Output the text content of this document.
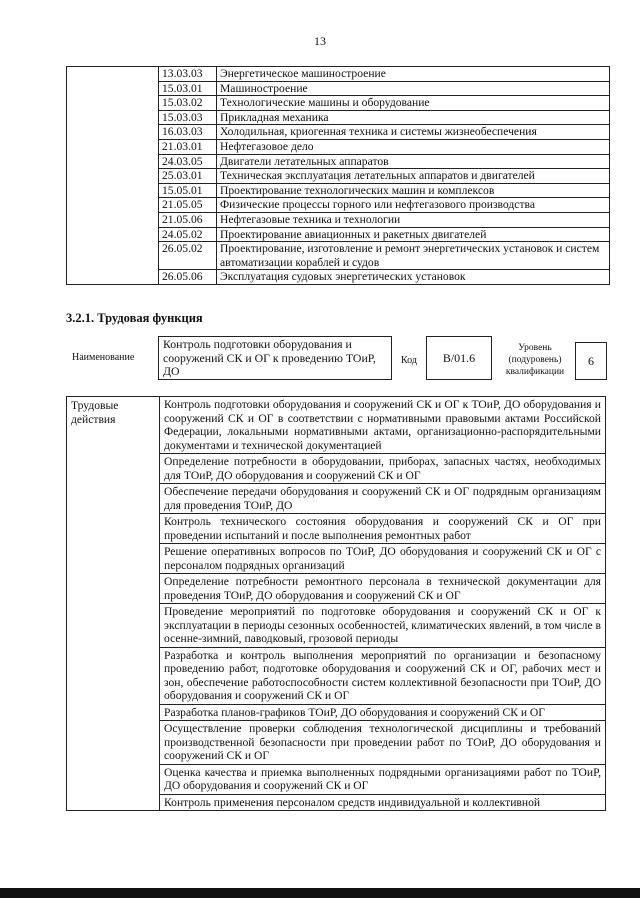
13
	13.03.03	Энергетическое машиностроение
	15.03.01	Машиностроение
	15.03.02	Технологические машины и оборудование
	15.03.03	Прикладная механика
	16.03.03	Холодильная, криогенная техника и системы жизнеобеспечения
	21.03.01	Нефтегазовое дело
	24.03.05	Двигатели летательных аппаратов
	25.03.01	Техническая эксплуатация летательных аппаратов и двигателей
	15.05.01	Проектирование технологических машин и комплексов
	21.05.05	Физические процессы горного или нефтегазового производства
	21.05.06	Нефтегазовые техника и технологии
	24.05.02	Проектирование авиационных и ракетных двигателей
	26.05.02	Проектирование, изготовление и ремонт энергетических установок и систем автоматизации кораблей и судов
	26.05.06	Эксплуатация судовых энергетических установок
3.2.1. Трудовая функция
Наименование
Контроль подготовки оборудования и сооружений СК и ОГ к проведению ТОиР, ДО
Код	B/01.6
Уровень (подуровень) квалификации
6
Трудовые действия	Контроль подготовки оборудования и сооружений СК и ОГ к ТОиР, ДО оборудования и сооружений СК и ОГ в соответствии с нормативными правовыми актами Российской Федерации, локальными нормативными актами, организационно-распорядительными документами и технической документацией
Определение потребности в оборудовании, приборах, запасных частях, необходимых для ТОиР, ДО оборудования и сооружений СК и ОГ
Обеспечение передачи оборудования и сооружений СК и ОГ подрядным организациям для проведения ТОиР, ДО
Контроль технического состояния оборудования и сооружений СК и ОГ при проведении испытаний и после выполнения ремонтных работ
Решение оперативных вопросов по ТОиР, ДО оборудования и сооружений СК и ОГ с персоналом подрядных организаций
Определение потребности ремонтного персонала в технической документации для проведения ТОиР, ДО оборудования и сооружений СК и ОГ
Проведение мероприятий по подготовке оборудования и сооружений СК и ОГ к эксплуатации в периоды сезонных особенностей, климатических явлений, в том числе в осенне-зимний, паводковый, грозовой периоды
Разработка и контроль выполнения мероприятий по организации и безопасному проведению работ, подготовке оборудования и сооружений СК и ОГ, рабочих мест и зон, обеспечение работоспособности систем коллективной безопасности при ТОиР, ДО оборудования и сооружений СК и ОГ
Разработка планов-графиков ТОиР, ДО оборудования и сооружений СК и ОГ
Осуществление проверки соблюдения технологической дисциплины и требований производственной безопасности при проведении работ по ТОиР, ДО оборудования и сооружений СК и ОГ
Оценка качества и приемка выполненных подрядными организациями работ по ТОиР, ДО оборудования и сооружений СК и ОГ
Контроль применения персоналом средств индивидуальной и коллективной
